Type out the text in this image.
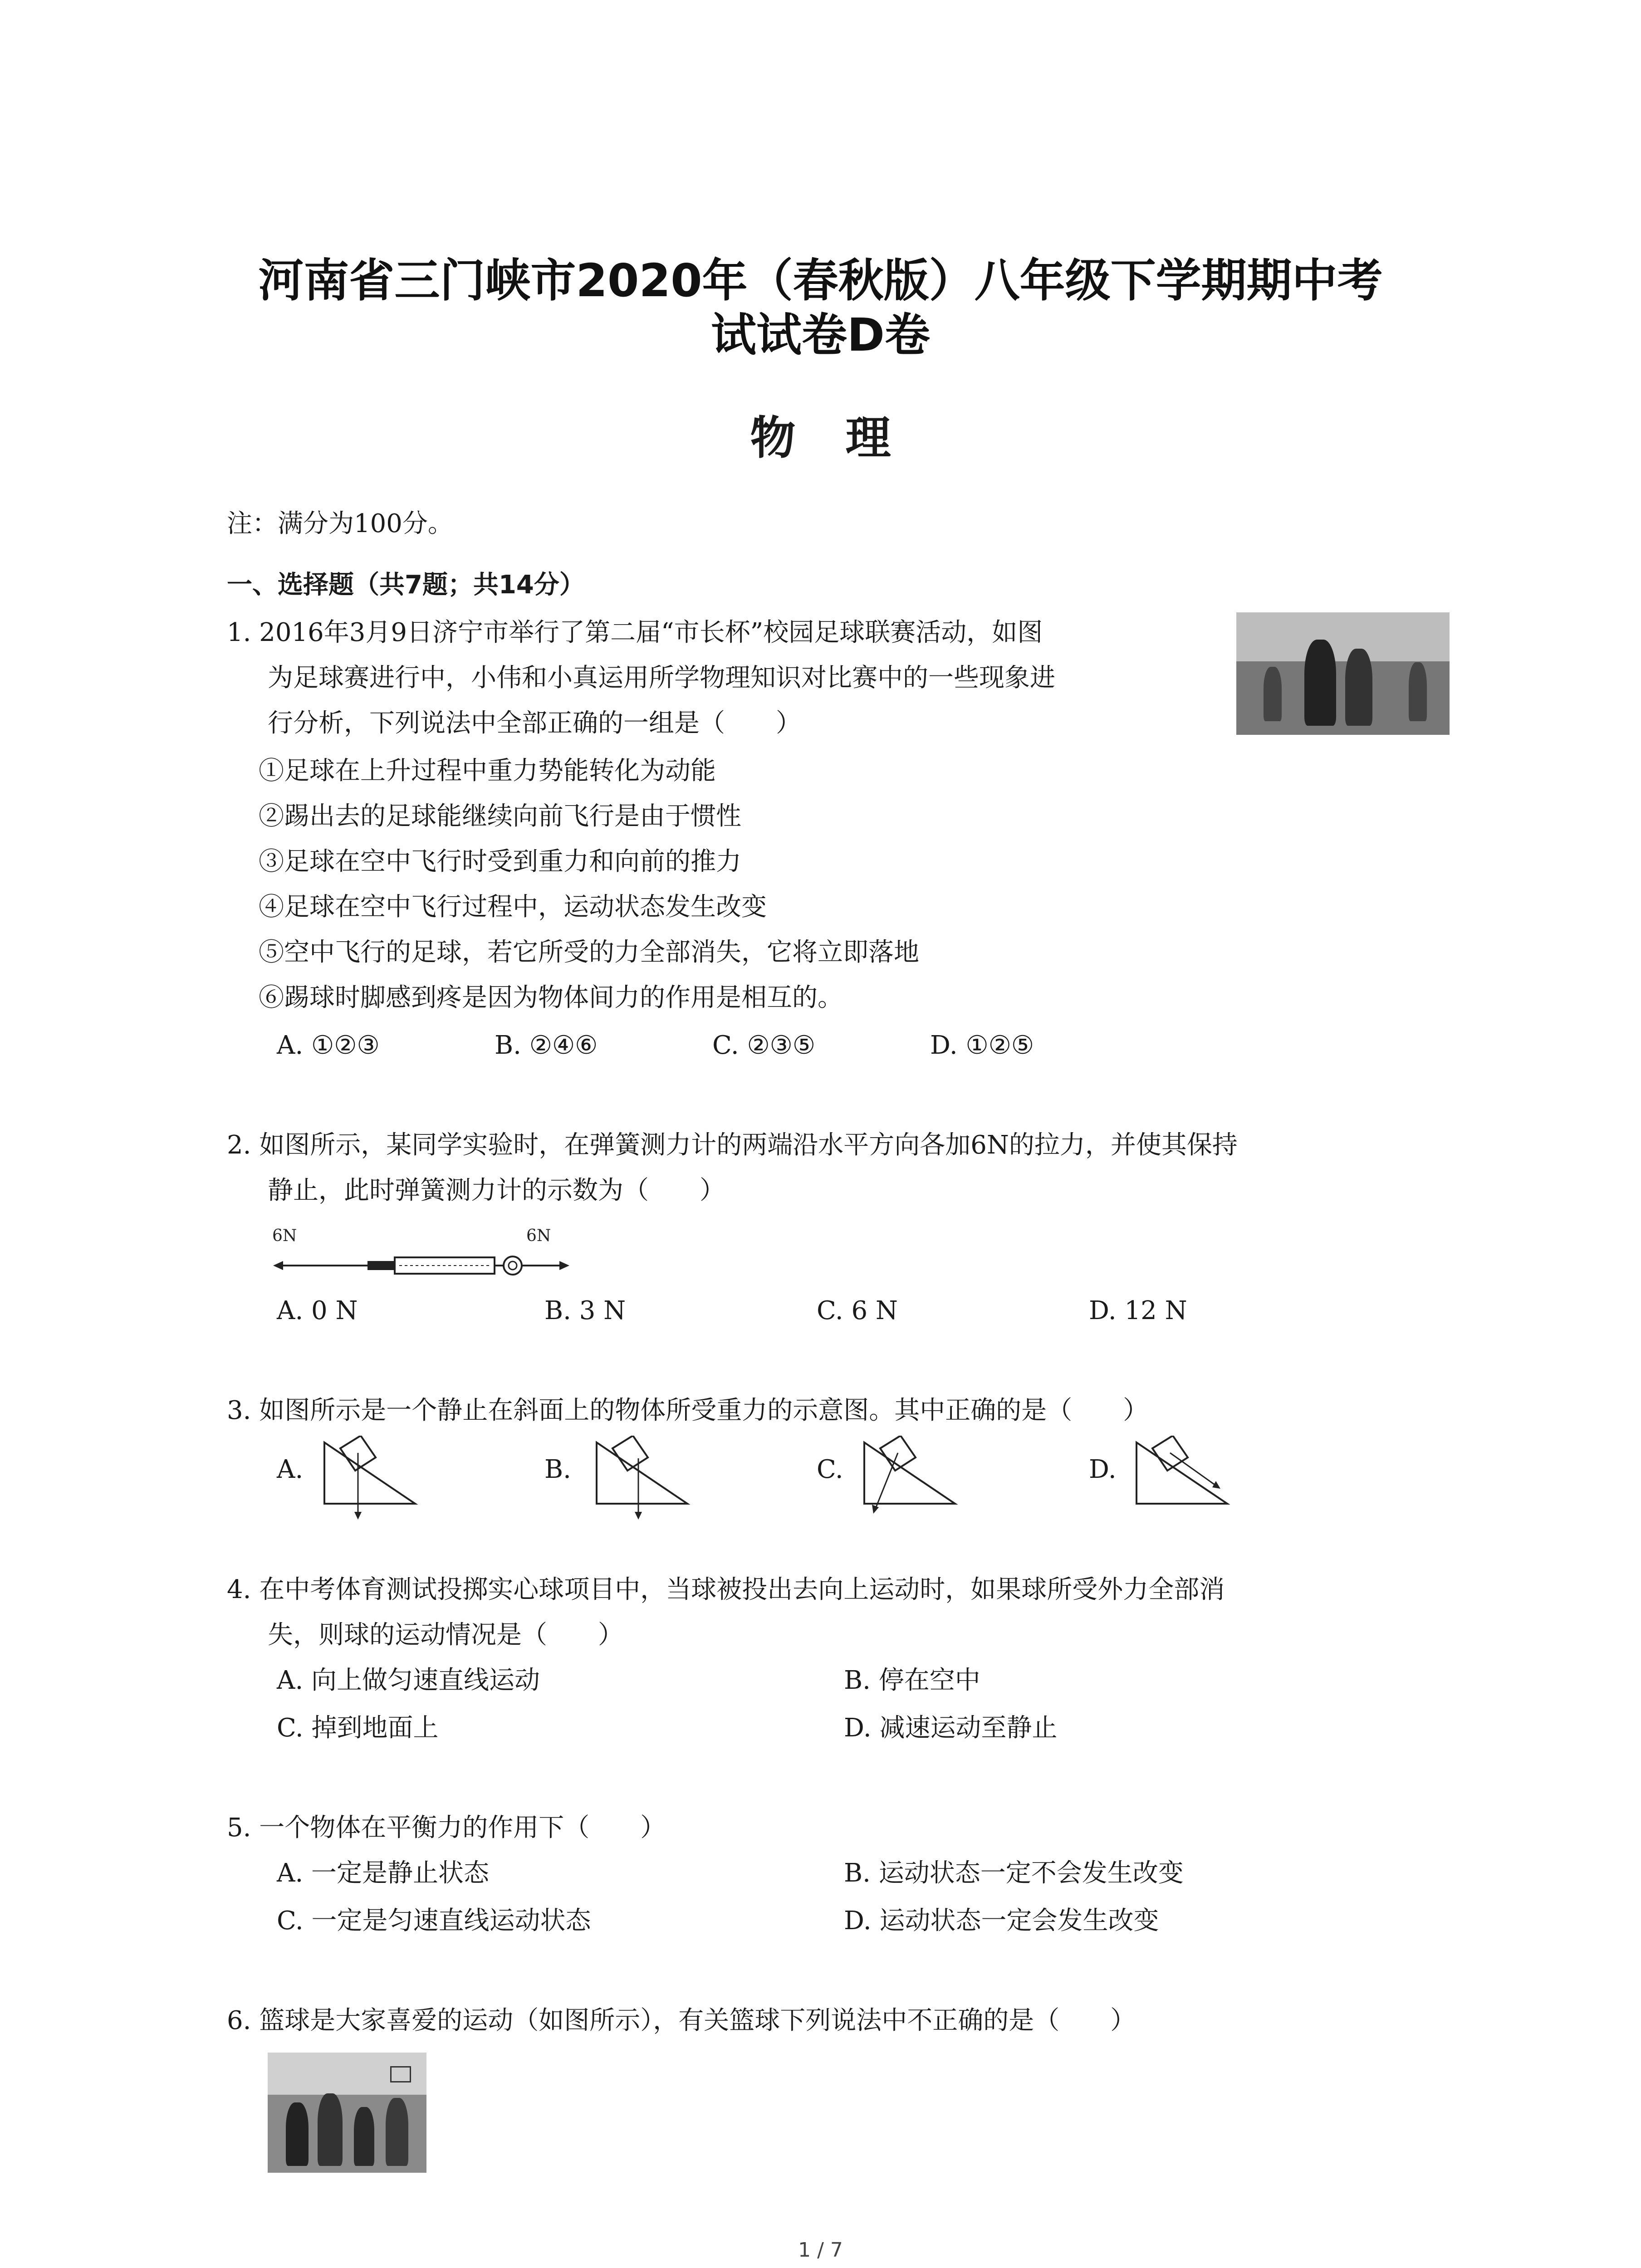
河南省三门峡市2020年（春秋版）八年级下学期期中考
试试卷D卷
物理
注：满分为100分。
一、选择题（共7题；共14分）
1. 2016年3月9日济宁市举行了第二届“市长杯”校园足球联赛活动，如图
为足球赛进行中，小伟和小真运用所学物理知识对比赛中的一些现象进
行分析，下列说法中全部正确的一组是（　　）
①足球在上升过程中重力势能转化为动能
②踢出去的足球能继续向前飞行是由于惯性
③足球在空中飞行时受到重力和向前的推力
④足球在空中飞行过程中，运动状态发生改变
⑤空中飞行的足球，若它所受的力全部消失，它将立即落地
⑥踢球时脚感到疼是因为物体间力的作用是相互的。
A. ①②③	B. ②④⑥	C. ②③⑤	D. ①②⑤
2. 如图所示，某同学实验时，在弹簧测力计的两端沿水平方向各加6N的拉力，并使其保持
静止，此时弹簧测力计的示数为（　　）
6N	6N
A. 0 N	B. 3 N	C. 6 N	D. 12 N
3. 如图所示是一个静止在斜面上的物体所受重力的示意图。其中正确的是（　　）
A.	B.	C.	D.
4. 在中考体育测试投掷实心球项目中，当球被投出去向上运动时，如果球所受外力全部消
失，则球的运动情况是（　　）
A. 向上做匀速直线运动	B. 停在空中
C. 掉到地面上	D. 减速运动至静止
5. 一个物体在平衡力的作用下（　　）
A. 一定是静止状态	B. 运动状态一定不会发生改变
C. 一定是匀速直线运动状态	D. 运动状态一定会发生改变
6. 篮球是大家喜爱的运动（如图所示），有关篮球下列说法中不正确的是（　　）
1 / 7
